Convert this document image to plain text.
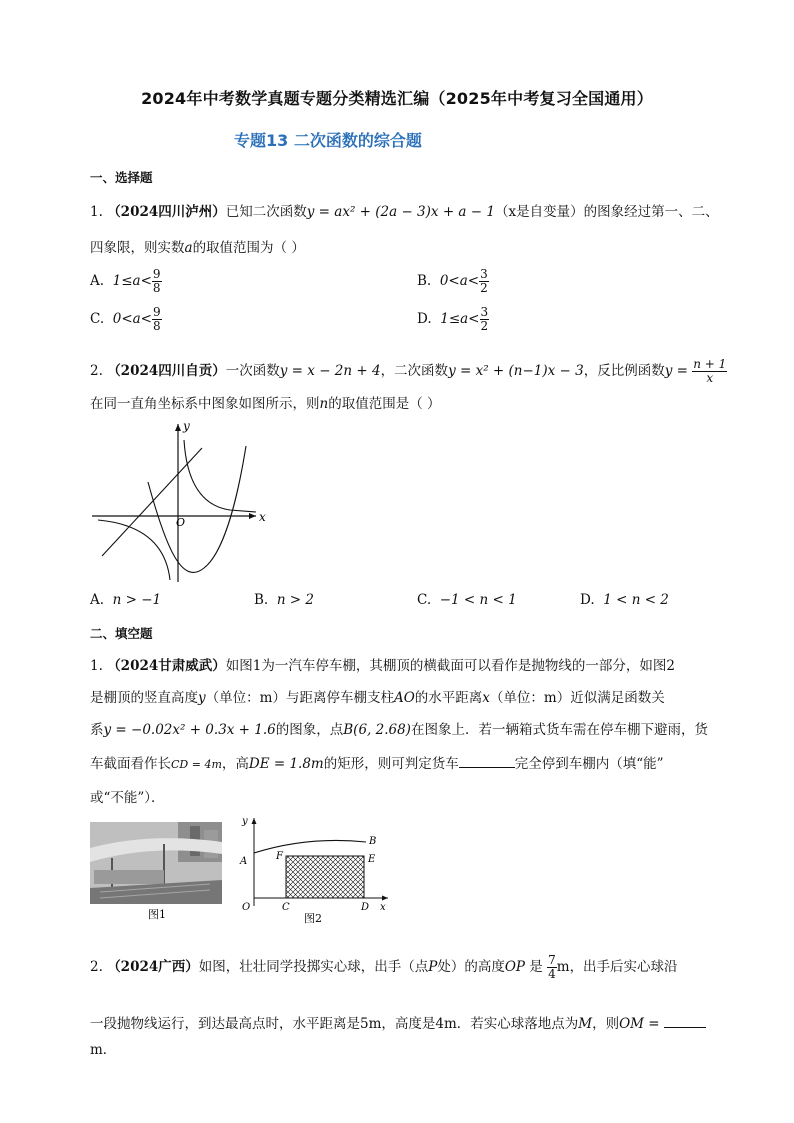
2024年中考数学真题专题分类精选汇编（2025年中考复习全国通用）
专题13 二次函数的综合题
一、选择题
1. （2024四川泸州）已知二次函数y = ax² + (2a − 3)x + a − 1（x是自变量）的图象经过第一、二、
四象限，则实数a的取值范围为（ ）
A. $1\le a< \frac{9}{8}$	B. $0<a< \frac{3}{2}$
C. $0<a< \frac{9}{8}$	D. $1\le a< \frac{3}{2}$
2. （2024四川自贡）一次函数y = x − 2n + 4，二次函数y = x² + (n−1)x − 3，反比例函数$y = \frac{n + 1}{x}$
在同一直角坐标系中图象如图所示，则n的取值范围是（ ）
x
y
O
A. n > −1	B. n > 2	C. −1 < n < 1	D. 1 < n < 2
二、填空题
1. （2024甘肃威武）如图1为一汽车停车棚，其棚顶的横截面可以看作是抛物线的一部分，如图2
是棚顶的竖直高度y（单位：m）与距离停车棚支柱AO的水平距离x（单位：m）近似满足函数关
系y = −0.02x² + 0.3x + 1.6的图象，点B(6, 2.68)在图象上．若一辆箱式货车需在停车棚下避雨，货
车截面看作长CD = 4m，高DE = 1.8m的矩形，则可判定货车	完全停到车棚内（填“能”
或“不能”）．
图1
y
x
O
A
B
F	E
C	D
图2
2. （2024广西）如图，壮壮同学投掷实心球，出手（点P处）的高度OP 是 $\frac{7}{4}$ m，出手后实心球沿
一段抛物线运行，到达最高点时，水平距离是5m，高度是4m．若实心球落地点为M，则OM =
m．
